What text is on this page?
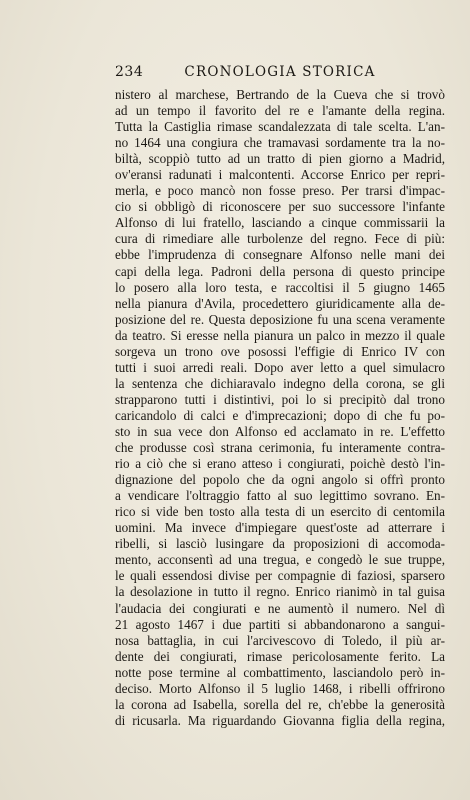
234	CRONOLOGIA STORICA
nistero al marchese, Bertrando de la Cueva che si trovò
ad un tempo il favorito del re e l'amante della regina.
Tutta la Castiglia rimase scandalezzata di tale scelta. L'an-
no 1464 una congiura che tramavasi sordamente tra la no-
biltà, scoppiò tutto ad un tratto di pien giorno a Madrid,
ov'eransi radunati i malcontenti. Accorse Enrico per repri-
merla, e poco mancò non fosse preso. Per trarsi d'impac-
cio si obbligò di riconoscere per suo successore l'infante
Alfonso di lui fratello, lasciando a cinque commissarii la
cura di rimediare alle turbolenze del regno. Fece di più:
ebbe l'imprudenza di consegnare Alfonso nelle mani dei
capi della lega. Padroni della persona di questo principe
lo posero alla loro testa, e raccoltisi il 5 giugno 1465
nella pianura d'Avila, procedettero giuridicamente alla de-
posizione del re. Questa deposizione fu una scena veramente
da teatro. Si eresse nella pianura un palco in mezzo il quale
sorgeva un trono ove posossi l'effigie di Enrico IV con
tutti i suoi arredi reali. Dopo aver letto a quel simulacro
la sentenza che dichiaravalo indegno della corona, se gli
strapparono tutti i distintivi, poi lo si precipitò dal trono
caricandolo di calci e d'imprecazioni; dopo di che fu po-
sto in sua vece don Alfonso ed acclamato in re. L'effetto
che produsse così strana cerimonia, fu interamente contra-
rio a ciò che si erano atteso i congiurati, poichè destò l'in-
dignazione del popolo che da ogni angolo si offrì pronto
a vendicare l'oltraggio fatto al suo legittimo sovrano. En-
rico si vide ben tosto alla testa di un esercito di centomila
uomini. Ma invece d'impiegare quest'oste ad atterrare i
ribelli, si lasciò lusingare da proposizioni di accomoda-
mento, acconsentì ad una tregua, e congedò le sue truppe,
le quali essendosi divise per compagnie di faziosi, sparsero
la desolazione in tutto il regno. Enrico rianimò in tal guisa
l'audacia dei congiurati e ne aumentò il numero. Nel dì
21 agosto 1467 i due partiti si abbandonarono a sangui-
nosa battaglia, in cui l'arcivescovo di Toledo, il più ar-
dente dei congiurati, rimase pericolosamente ferito. La
notte pose termine al combattimento, lasciandolo però in-
deciso. Morto Alfonso il 5 luglio 1468, i ribelli offrirono
la corona ad Isabella, sorella del re, ch'ebbe la generosità
di ricusarla. Ma riguardando Giovanna figlia della regina,
